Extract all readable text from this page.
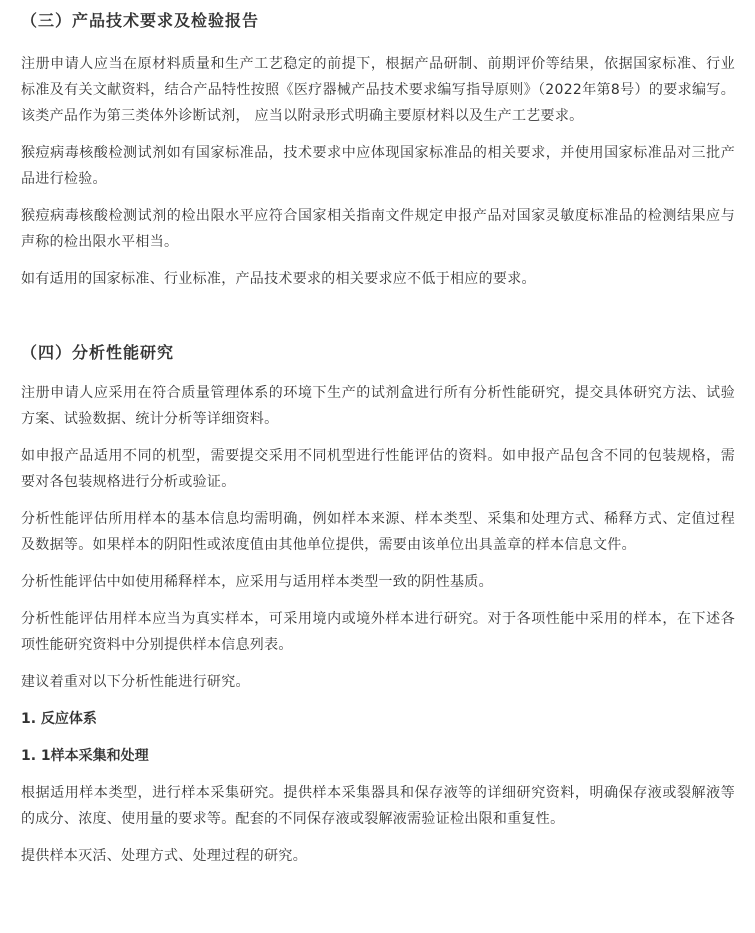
（三）产品技术要求及检验报告

注册申请人应当在原材料质量和生产工艺稳定的前提下，根据产品研制、前期评价等结果，依据国家标准、行业标准及有关文献资料，结合产品特性按照《医疗器械产品技术要求编写指导原则》（2022年第8号）的要求编写。该类产品作为第三类体外诊断试剂， 应当以附录形式明确主要原材料以及生产工艺要求。

猴痘病毒核酸检测试剂如有国家标准品，技术要求中应体现国家标准品的相关要求，并使用国家标准品对三批产品进行检验。

猴痘病毒核酸检测试剂的检出限水平应符合国家相关指南文件规定申报产品对国家灵敏度标准品的检测结果应与声称的检出限水平相当。

如有适用的国家标准、行业标准，产品技术要求的相关要求应不低于相应的要求。

（四）分析性能研究

注册申请人应采用在符合质量管理体系的环境下生产的试剂盒进行所有分析性能研究，提交具体研究方法、试验方案、试验数据、统计分析等详细资料。

如申报产品适用不同的机型，需要提交采用不同机型进行性能评估的资料。如申报产品包含不同的包装规格，需要对各包装规格进行分析或验证。

分析性能评估所用样本的基本信息均需明确，例如样本来源、样本类型、采集和处理方式、稀释方式、定值过程及数据等。如果样本的阴阳性或浓度值由其他单位提供，需要由该单位出具盖章的样本信息文件。

分析性能评估中如使用稀释样本，应采用与适用样本类型一致的阴性基质。

分析性能评估用样本应当为真实样本，可采用境内或境外样本进行研究。对于各项性能中采用的样本，在下述各项性能研究资料中分别提供样本信息列表。

建议着重对以下分析性能进行研究。

1. 反应体系
1. 1样本采集和处理

根据适用样本类型，进行样本采集研究。提供样本采集器具和保存液等的详细研究资料，明确保存液或裂解液等的成分、浓度、使用量的要求等。配套的不同保存液或裂解液需验证检出限和重复性。

提供样本灭活、处理方式、处理过程的研究。
